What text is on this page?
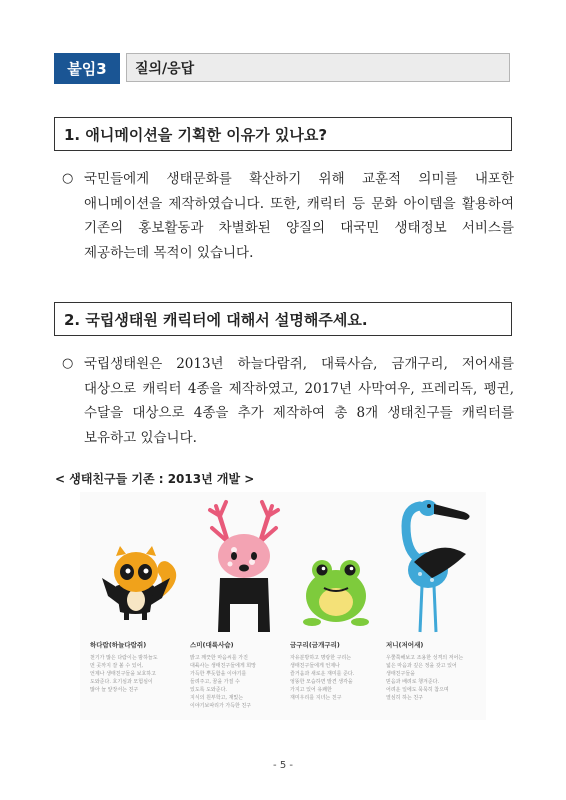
붙임3	질의/응답
1. 애니메이션을 기획한 이유가 있나요?
○ 국민들에게 생태문화를 확산하기 위해 교훈적 의미를 내포한 애니메이션을 제작하였습니다. 또한, 캐릭터 등 문화 아이템을 활용하여 기존의 홍보활동과 차별화된 양질의 대국민 생태정보 서비스를 제공하는데 목적이 있습니다.
2. 국립생태원 캐릭터에 대해서 설명해주세요.
○ 국립생태원은 2013년 하늘다람쥐, 대륙사슴, 금개구리, 저어새를 대상으로 캐릭터 4종을 제작하였고, 2017년 사막여우, 프레리독, 펭귄, 수달을 대상으로 4종을 추가 제작하여 총 8개 생태친구들 캐릭터를 보유하고 있습니다.
< 생태친구들 기존 : 2013년 개발 >
하다람(하늘다람쥐)
천기가 많은 다람이는 밤하늘도
먼 곳까지 잘 볼 수 있어,
언제나 생태친구들을 보호하고
도와준다. 호기심과 모험심이
많아 늘 앞장서는 친구
스미(대륙사슴)
밝고 깨끗한 마음씨를 가진
대륙사는 생태친구들에게 희망
가득한 뿌듯함을 이야기를
들려주고, 꿈을 가질 수
있도록 도와준다.
지식의 원부학고, 재밌는
이야기보따리가 가득한 친구
금구리(금개구리)
자유분방하고 명랑한 구리는
생태친구들에게 언제나
즐거움과 새로운 재미를 준다.
엉뚱한 모습하면 발견 생각을
가지고 있어 유쾌한
재미우리를 지녀는 친구
저니(저어새)
우쭐쭉해보고 조용한 성격의 저어는
넓은 마음과 깊은 정을 갖고 있어
생태친구들을
믿음과 배려로 챙겨준다.
어려운 일에도 묵묵히 참으며
열심히 하는 친구
- 5 -
